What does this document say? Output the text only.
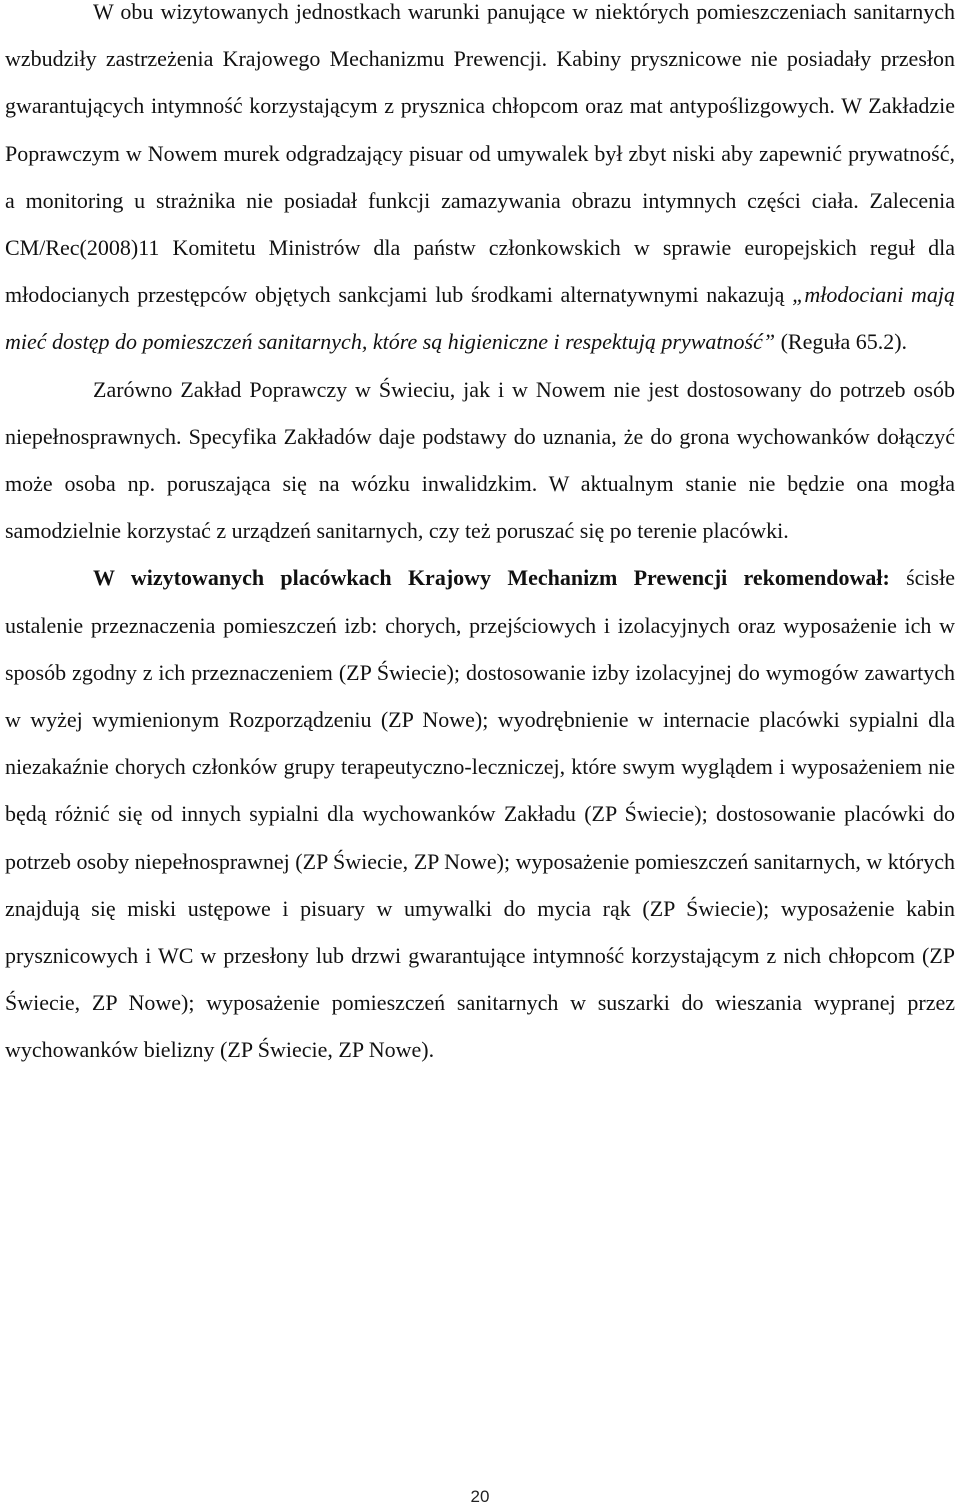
W obu wizytowanych jednostkach warunki panujące w niektórych pomieszczeniach sanitarnych wzbudziły zastrzeżenia Krajowego Mechanizmu Prewencji. Kabiny prysznicowe nie posiadały przesłon gwarantujących intymność korzystającym z prysznica chłopcom oraz mat antypoślizgowych. W Zakładzie Poprawczym w Nowem murek odgradzający pisuar od umywalek był zbyt niski aby zapewnić prywatność, a monitoring u strażnika nie posiadał funkcji zamazywania obrazu intymnych części ciała. Zalecenia CM/Rec(2008)11 Komitetu Ministrów dla państw członkowskich w sprawie europejskich reguł dla młodocianych przestępców objętych sankcjami lub środkami alternatywnymi nakazują „młodociani mają mieć dostęp do pomieszczeń sanitarnych, które są higieniczne i respektują prywatność” (Reguła 65.2).

Zarówno Zakład Poprawczy w Świeciu, jak i w Nowem nie jest dostosowany do potrzeb osób niepełnosprawnych. Specyfika Zakładów daje podstawy do uznania, że do grona wychowanków dołączyć może osoba np. poruszająca się na wózku inwalidzkim. W aktualnym stanie nie będzie ona mogła samodzielnie korzystać z urządzeń sanitarnych, czy też poruszać się po terenie placówki.

W wizytowanych placówkach Krajowy Mechanizm Prewencji rekomendował: ścisłe ustalenie przeznaczenia pomieszczeń izb: chorych, przejściowych i izolacyjnych oraz wyposażenie ich w sposób zgodny z ich przeznaczeniem (ZP Świecie); dostosowanie izby izolacyjnej do wymogów zawartych w wyżej wymienionym Rozporządzeniu (ZP Nowe); wyodrębnienie w internacie placówki sypialni dla niezakaźnie chorych członków grupy terapeutyczno-leczniczej, które swym wyglądem i wyposażeniem nie będą różnić się od innych sypialni dla wychowanków Zakładu (ZP Świecie); dostosowanie placówki do potrzeb osoby niepełnosprawnej (ZP Świecie, ZP Nowe); wyposażenie pomieszczeń sanitarnych, w których znajdują się miski ustępowe i pisuary w umywalki do mycia rąk (ZP Świecie); wyposażenie kabin prysznicowych i WC w przesłony lub drzwi gwarantujące intymność korzystającym z nich chłopcom (ZP Świecie, ZP Nowe); wyposażenie pomieszczeń sanitarnych w suszarki do wieszania wypranej przez wychowanków bielizny (ZP Świecie, ZP Nowe).

20
